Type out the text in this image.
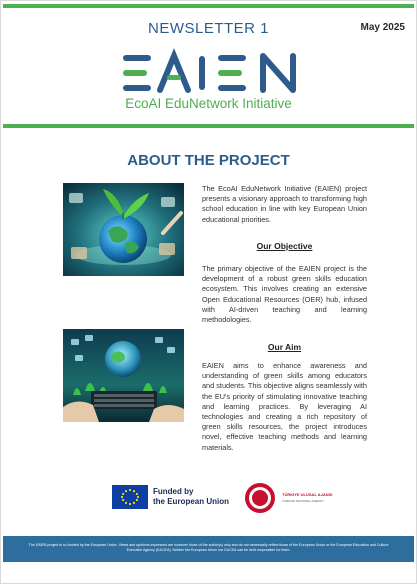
NEWSLETTER 1	May 2025
EcoAI EduNetwork Initiative
ABOUT THE PROJECT
The EcoAI EduNetwork Initiative (EAIEN) project presents a visionary approach to transforming high school education in line with key European Union educational priorities.
Our Objective
The primary objective of the EAIEN project is the development of a robust green skills education ecosystem. This involves creating an extensive Open Educational Resources (OER) hub, infused with AI-driven teaching and learning methodologies.
Our Aim
EAIEN aims to enhance awareness and understanding of green skills among educators and students. This objective aligns seamlessly with the EU's priority of stimulating innovative teaching and learning practices. By leveraging AI technologies and creating a rich repository of green skills resources, the project introduces novel, effective teaching methods and learning materials.
Funded by
the European Union
TÜRKİYE ULUSAL AJANSI
TURKISH NATIONAL AGENCY
The EAIEN project is co-funded by the European Union. Views and opinions expressed are however those of the author(s) only and do not necessarily reflect those of the European Union or the European Education and Culture Executive Agency (EACEA). Neither the European Union nor EACEA can be held responsible for them.
